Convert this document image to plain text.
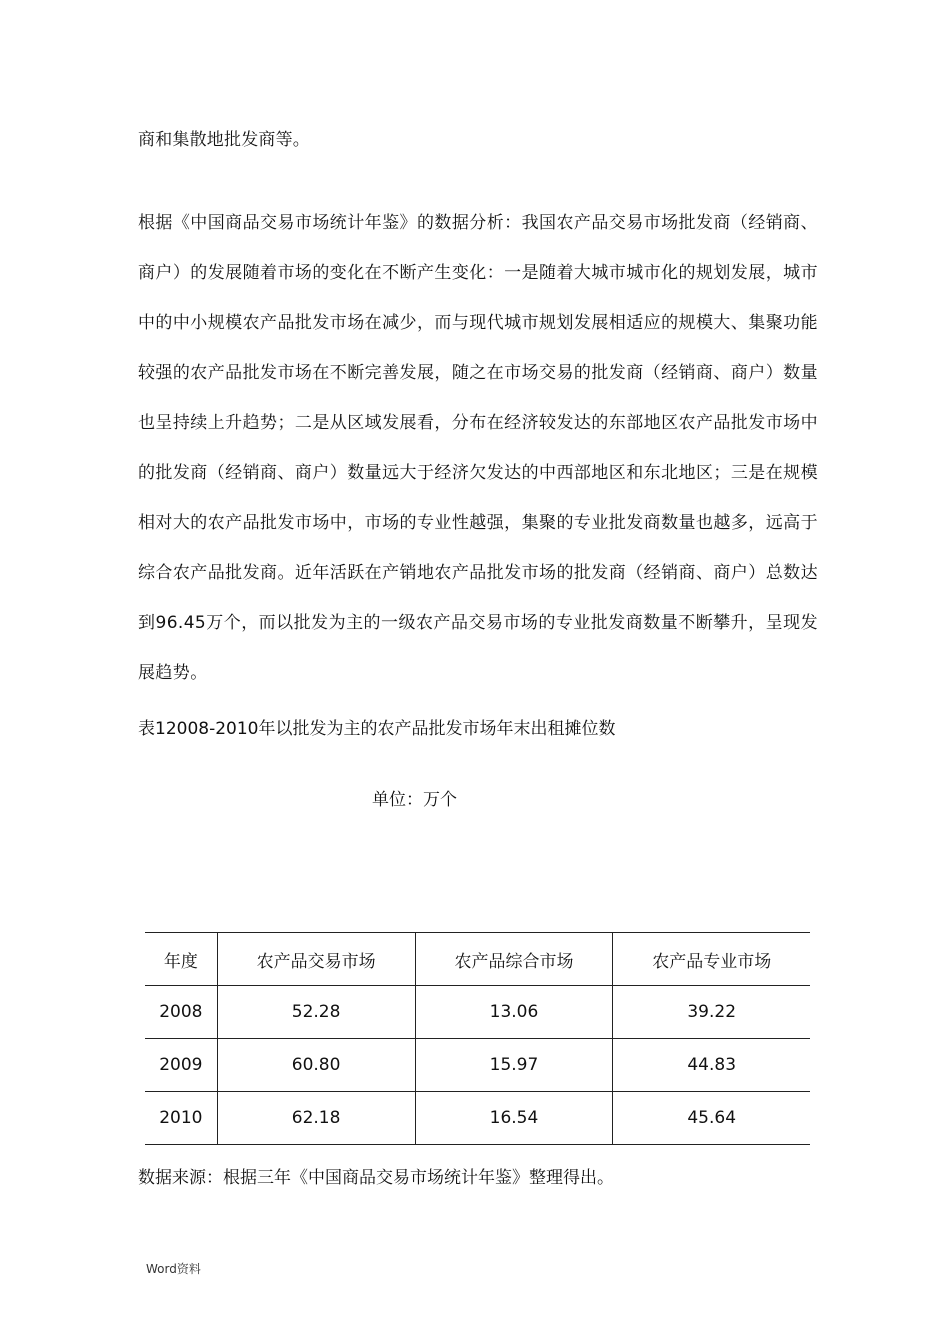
商和集散地批发商等。
根据《中国商品交易市场统计年鉴》的数据分析：我国农产品交易市场批发商（经销商、商户）的发展随着市场的变化在不断产生变化：一是随着大城市城市化的规划发展，城市中的中小规模农产品批发市场在减少，而与现代城市规划发展相适应的规模大、集聚功能较强的农产品批发市场在不断完善发展，随之在市场交易的批发商（经销商、商户）数量也呈持续上升趋势；二是从区域发展看，分布在经济较发达的东部地区农产品批发市场中的批发商（经销商、商户）数量远大于经济欠发达的中西部地区和东北地区；三是在规模相对大的农产品批发市场中，市场的专业性越强，集聚的专业批发商数量也越多，远高于综合农产品批发商。近年活跃在产销地农产品批发市场的批发商（经销商、商户）总数达到96.45万个，而以批发为主的一级农产品交易市场的专业批发商数量不断攀升，呈现发展趋势。
表12008-2010年以批发为主的农产品批发市场年末出租摊位数
单位：万个
年度	农产品交易市场	农产品综合市场	农产品专业市场
2008	52.28	13.06	39.22
2009	60.80	15.97	44.83
2010	62.18	16.54	45.64
数据来源：根据三年《中国商品交易市场统计年鉴》整理得出。
Word资料
